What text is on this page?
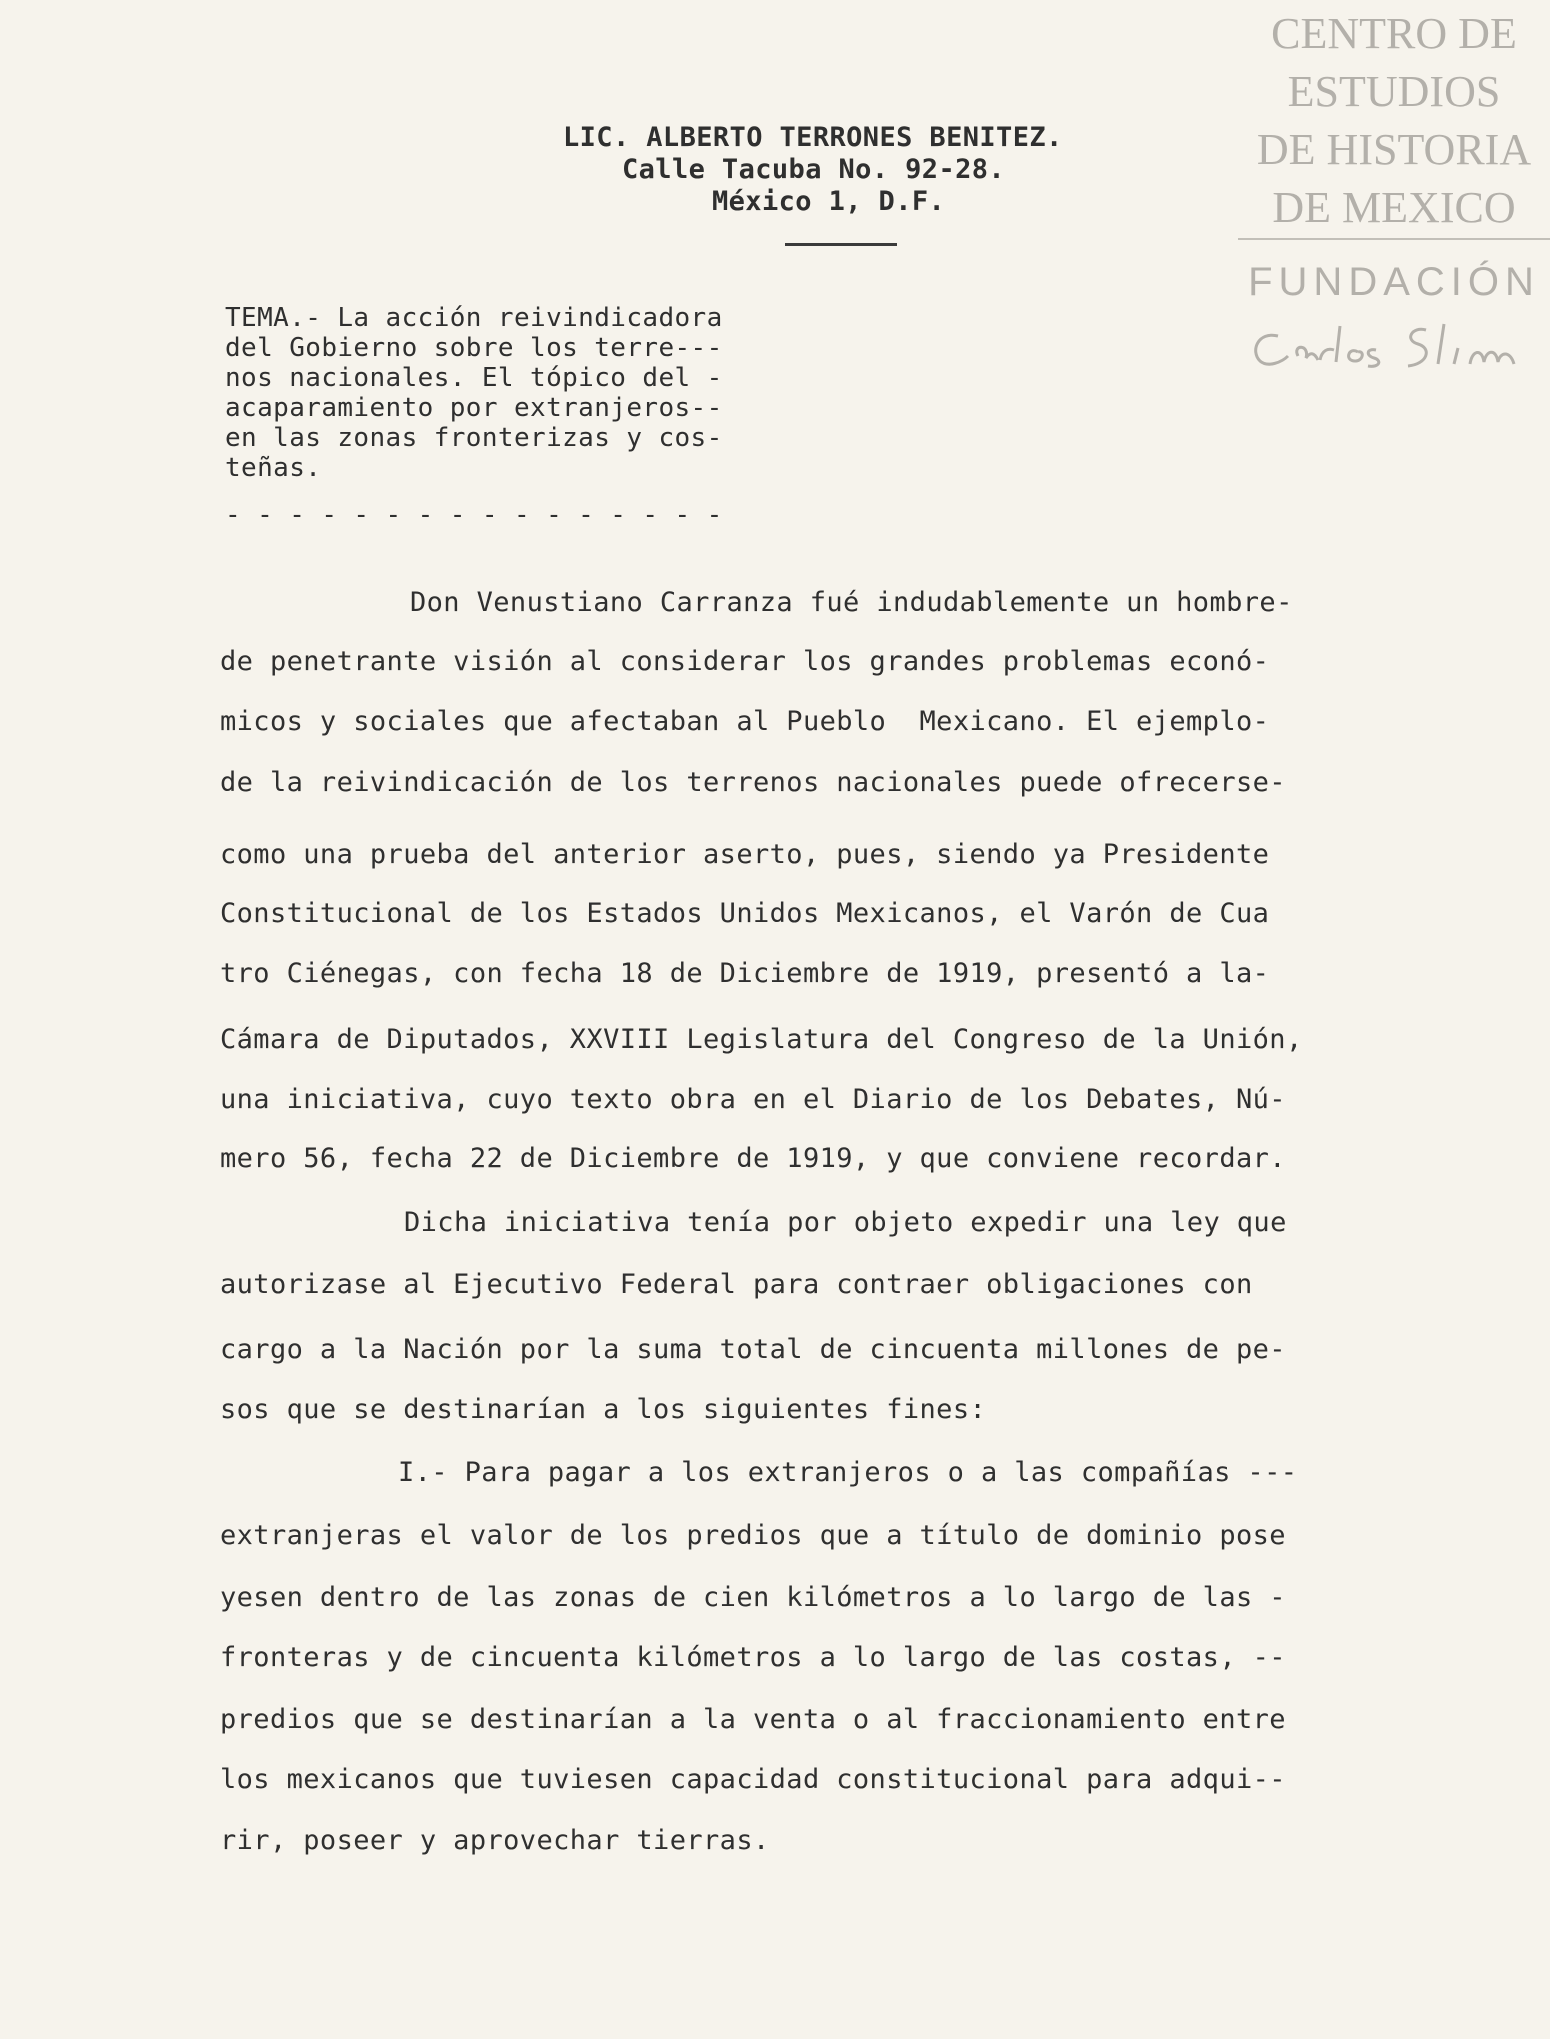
CENTRO DE
ESTUDIOS
DE HISTORIA
DE MEXICO
FUNDACIÓN
LIC. ALBERTO TERRONES BENITEZ.
Calle Tacuba No. 92-28.
México 1, D.F.
TEMA.- La acción reivindicadora
del Gobierno sobre los terre---
nos nacionales. El tópico del -
acaparamiento por extranjeros--
en las zonas fronterizas y cos-
teñas.
- - - - - - - - - - - - - - - -
Don Venustiano Carranza fué indudablemente un hombre-
de penetrante visión al considerar los grandes problemas econó-
micos y sociales que afectaban al Pueblo  Mexicano. El ejemplo-
de la reivindicación de los terrenos nacionales puede ofrecerse-
como una prueba del anterior aserto, pues, siendo ya Presidente
Constitucional de los Estados Unidos Mexicanos, el Varón de Cua
tro Ciénegas, con fecha 18 de Diciembre de 1919, presentó a la-
Cámara de Diputados, XXVIII Legislatura del Congreso de la Unión,
una iniciativa, cuyo texto obra en el Diario de los Debates, Nú-
mero 56, fecha 22 de Diciembre de 1919, y que conviene recordar.
Dicha iniciativa tenía por objeto expedir una ley que
autorizase al Ejecutivo Federal para contraer obligaciones con
cargo a la Nación por la suma total de cincuenta millones de pe-
sos que se destinarían a los siguientes fines:
I.- Para pagar a los extranjeros o a las compañías ---
extranjeras el valor de los predios que a título de dominio pose
yesen dentro de las zonas de cien kilómetros a lo largo de las -
fronteras y de cincuenta kilómetros a lo largo de las costas, --
predios que se destinarían a la venta o al fraccionamiento entre
los mexicanos que tuviesen capacidad constitucional para adqui--
rir, poseer y aprovechar tierras.
